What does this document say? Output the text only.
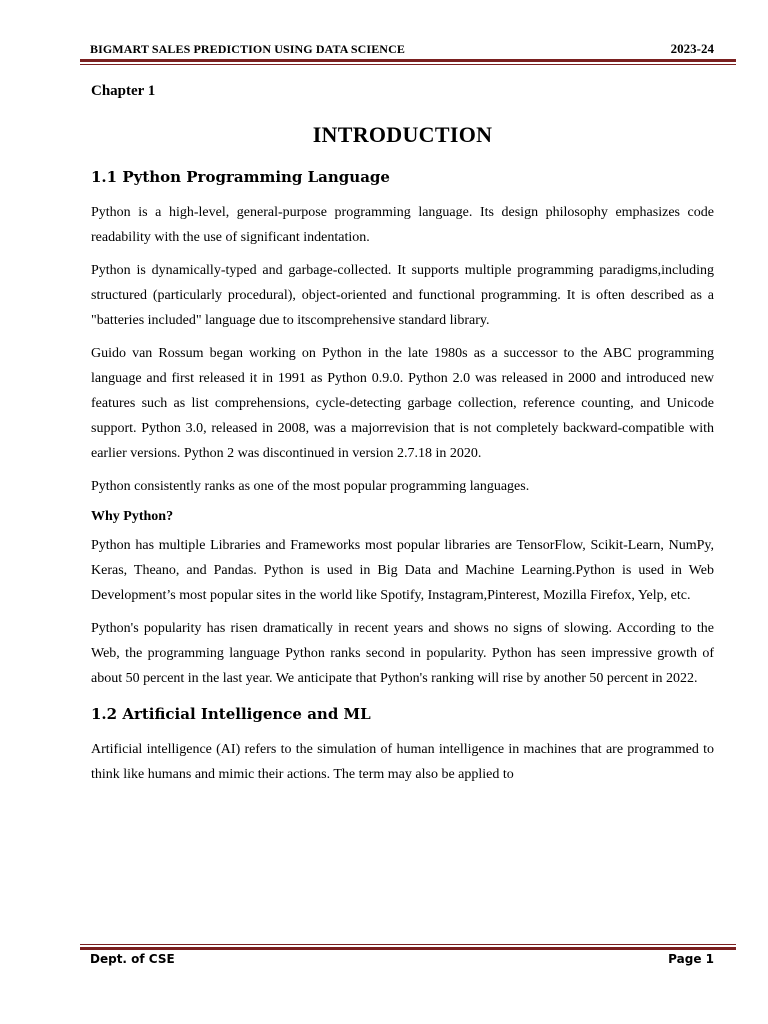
BIGMART SALES PREDICTION USING DATA SCIENCE	2023-24
Chapter 1
INTRODUCTION
1.1 Python Programming Language

Python is a high-level, general-purpose programming language. Its design philosophy emphasizes code readability with the use of significant indentation.

Python is dynamically-typed and garbage-collected. It supports multiple programming paradigms,including structured (particularly procedural), object-oriented and functional programming. It is often described as a "batteries included" language due to itscomprehensive standard library.

Guido van Rossum began working on Python in the late 1980s as a successor to the ABC programming language and first released it in 1991 as Python 0.9.0. Python 2.0 was released in 2000 and introduced new features such as list comprehensions, cycle-detecting garbage collection, reference counting, and Unicode support. Python 3.0, released in 2008, was a majorrevision that is not completely backward-compatible with earlier versions. Python 2 was discontinued in version 2.7.18 in 2020.

Python consistently ranks as one of the most popular programming languages.

Why Python?

Python has multiple Libraries and Frameworks most popular libraries are TensorFlow, Scikit-Learn, NumPy, Keras, Theano, and Pandas. Python is used in Big Data and Machine Learning.Python is used in Web Development’s most popular sites in the world like Spotify, Instagram,Pinterest, Mozilla Firefox, Yelp, etc.

Python's popularity has risen dramatically in recent years and shows no signs of slowing. According to the Web, the programming language Python ranks second in popularity. Python has seen impressive growth of about 50 percent in the last year. We anticipate that Python's ranking will rise by another 50 percent in 2022.

1.2 Artificial Intelligence and ML

Artificial intelligence (AI) refers to the simulation of human intelligence in machines that are programmed to think like humans and mimic their actions. The term may also be applied to

Dept. of CSE	Page 1
